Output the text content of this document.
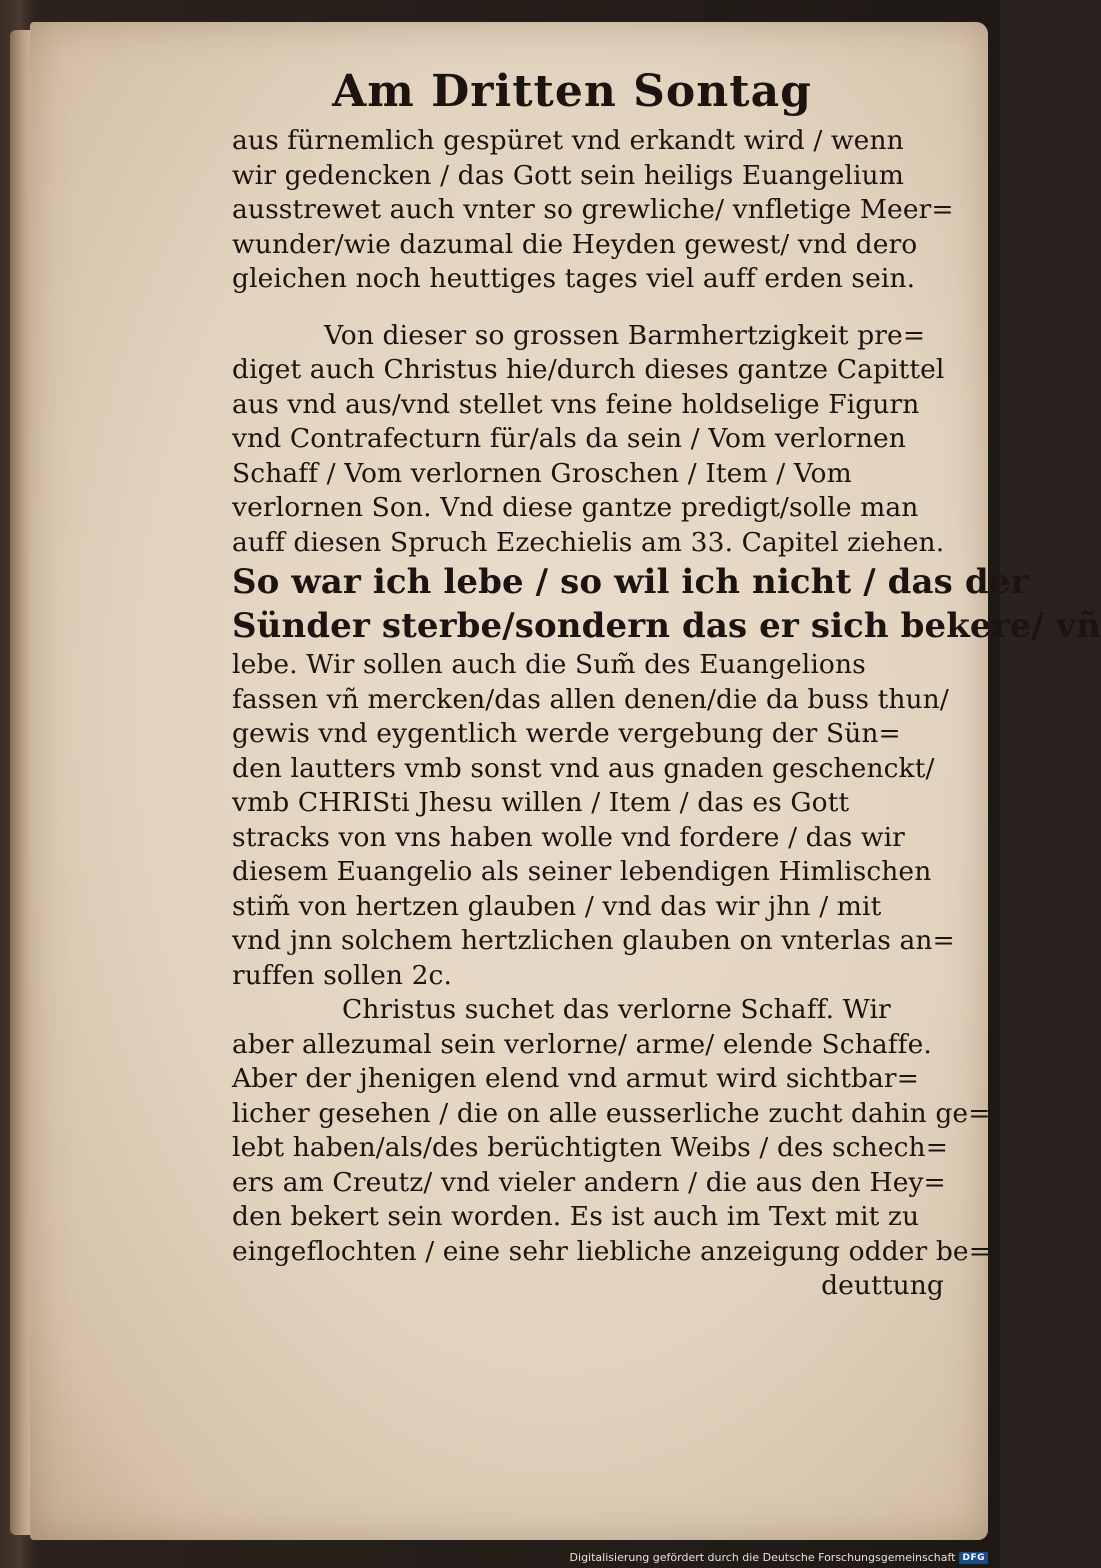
Am Dritten Sontag
aus fürnemlich gespüret vnd erkandt wird / wenn
wir gedencken / das Gott sein heiligs Euangelium
ausstrewet auch vnter so grewliche/ vnfletige Meer=
wunder/wie dazumal die Heyden gewest/ vnd dero
gleichen noch heuttiges tages viel auff erden sein.
Von dieser so grossen Barmhertzigkeit pre=
diget auch Christus hie/durch dieses gantze Capittel
aus vnd aus/vnd stellet vns feine holdselige Figurn
vnd Contrafecturn für/als da sein / Vom verlornen
Schaff / Vom verlornen Groschen / Item / Vom
verlornen Son. Vnd diese gantze predigt/solle man
auff diesen Spruch Ezechielis am 33. Capitel ziehen.
So war ich lebe / so wil ich nicht / das der
Sünder sterbe/sondern das er sich bekere/ vñ
lebe. Wir sollen auch die Sum̃ des Euangelions
fassen vñ mercken/das allen denen/die da buss thun/
gewis vnd eygentlich werde vergebung der Sün=
den lautters vmb sonst vnd aus gnaden geschenckt/
vmb CHRISti Jhesu willen / Item / das es Gott
stracks von vns haben wolle vnd fordere / das wir
diesem Euangelio als seiner lebendigen Himlischen
stim̃ von hertzen glauben / vnd das wir jhn / mit
vnd jnn solchem hertzlichen glauben on vnterlas an=
ruffen sollen 2c.
Christus suchet das verlorne Schaff. Wir
aber allezumal sein verlorne/ arme/ elende Schaffe.
Aber der jhenigen elend vnd armut wird sichtbar=
licher gesehen / die on alle eusserliche zucht dahin ge=
lebt haben/als/des berüchtigten Weibs / des schech=
ers am Creutz/ vnd vieler andern / die aus den Hey=
den bekert sein worden. Es ist auch im Text mit zu
eingeflochten / eine sehr liebliche anzeigung odder be=
deuttung
Digitalisierung gefördert durch die Deutsche Forschungsgemeinschaft DFG
